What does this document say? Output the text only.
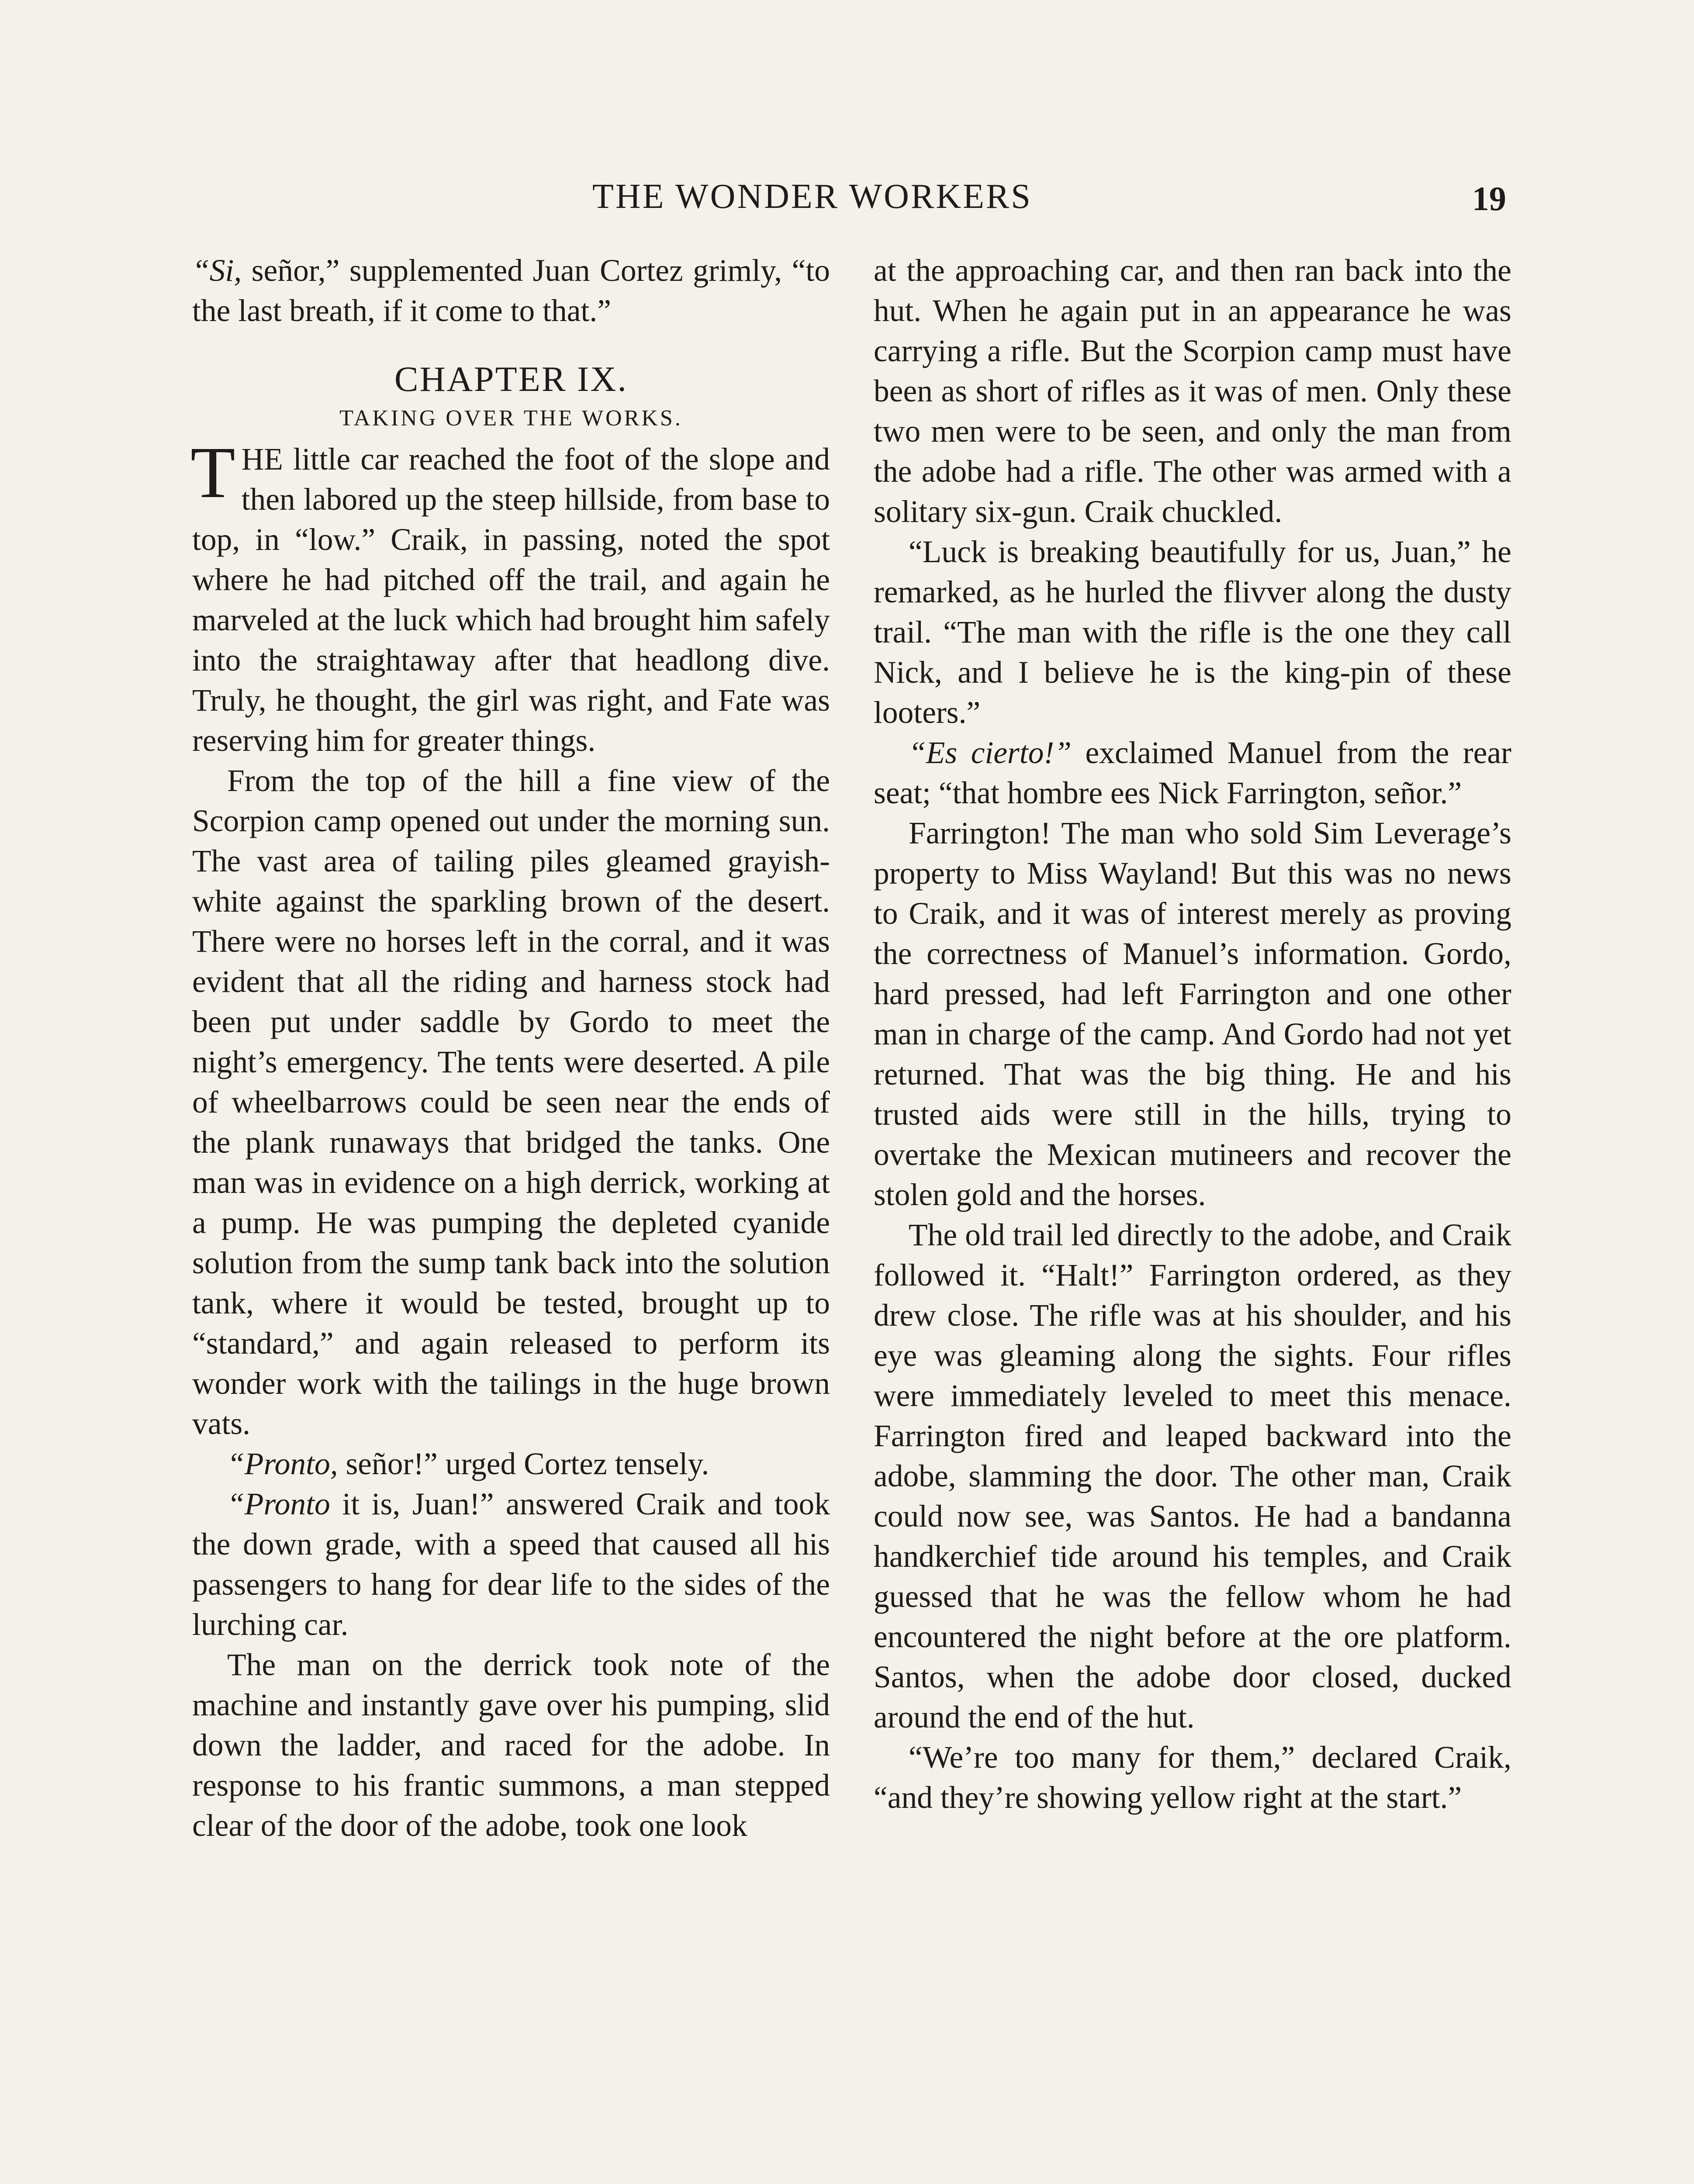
THE WONDER WORKERS	19

“Si, señor,” supplemented Juan Cortez grimly, “to the last breath, if it come to that.”

CHAPTER IX.
TAKING OVER THE WORKS.

THE little car reached the foot of the slope and then labored up the steep hillside, from base to top, in “low.” Craik, in passing, noted the spot where he had pitched off the trail, and again he marveled at the luck which had brought him safely into the straightaway after that headlong dive. Truly, he thought, the girl was right, and Fate was reserving him for greater things.

From the top of the hill a fine view of the Scorpion camp opened out under the morning sun. The vast area of tailing piles gleamed grayish-white against the sparkling brown of the desert. There were no horses left in the corral, and it was evident that all the riding and harness stock had been put under saddle by Gordo to meet the night’s emergency. The tents were deserted. A pile of wheelbarrows could be seen near the ends of the plank runaways that bridged the tanks. One man was in evidence on a high derrick, working at a pump. He was pumping the depleted cyanide solution from the sump tank back into the solution tank, where it would be tested, brought up to “standard,” and again released to perform its wonder work with the tailings in the huge brown vats.

“Pronto, señor!” urged Cortez tensely.

“Pronto it is, Juan!” answered Craik and took the down grade, with a speed that caused all his passengers to hang for dear life to the sides of the lurching car.

The man on the derrick took note of the machine and instantly gave over his pumping, slid down the ladder, and raced for the adobe. In response to his frantic summons, a man stepped clear of the door of the adobe, took one look

at the approaching car, and then ran back into the hut. When he again put in an appearance he was carrying a rifle. But the Scorpion camp must have been as short of rifles as it was of men. Only these two men were to be seen, and only the man from the adobe had a rifle. The other was armed with a solitary six-gun. Craik chuckled.

“Luck is breaking beautifully for us, Juan,” he remarked, as he hurled the flivver along the dusty trail. “The man with the rifle is the one they call Nick, and I believe he is the king-pin of these looters.”

“Es cierto!” exclaimed Manuel from the rear seat; “that hombre ees Nick Farrington, señor.”

Farrington! The man who sold Sim Leverage’s property to Miss Wayland! But this was no news to Craik, and it was of interest merely as proving the correctness of Manuel’s information. Gordo, hard pressed, had left Farrington and one other man in charge of the camp. And Gordo had not yet returned. That was the big thing. He and his trusted aids were still in the hills, trying to overtake the Mexican mutineers and recover the stolen gold and the horses.

The old trail led directly to the adobe, and Craik followed it. “Halt!” Farrington ordered, as they drew close. The rifle was at his shoulder, and his eye was gleaming along the sights. Four rifles were immediately leveled to meet this menace. Farrington fired and leaped backward into the adobe, slamming the door. The other man, Craik could now see, was Santos. He had a bandanna handkerchief tide around his temples, and Craik guessed that he was the fellow whom he had encountered the night before at the ore platform. Santos, when the adobe door closed, ducked around the end of the hut.

“We’re too many for them,” declared Craik, “and they’re showing yellow right at the start.”
